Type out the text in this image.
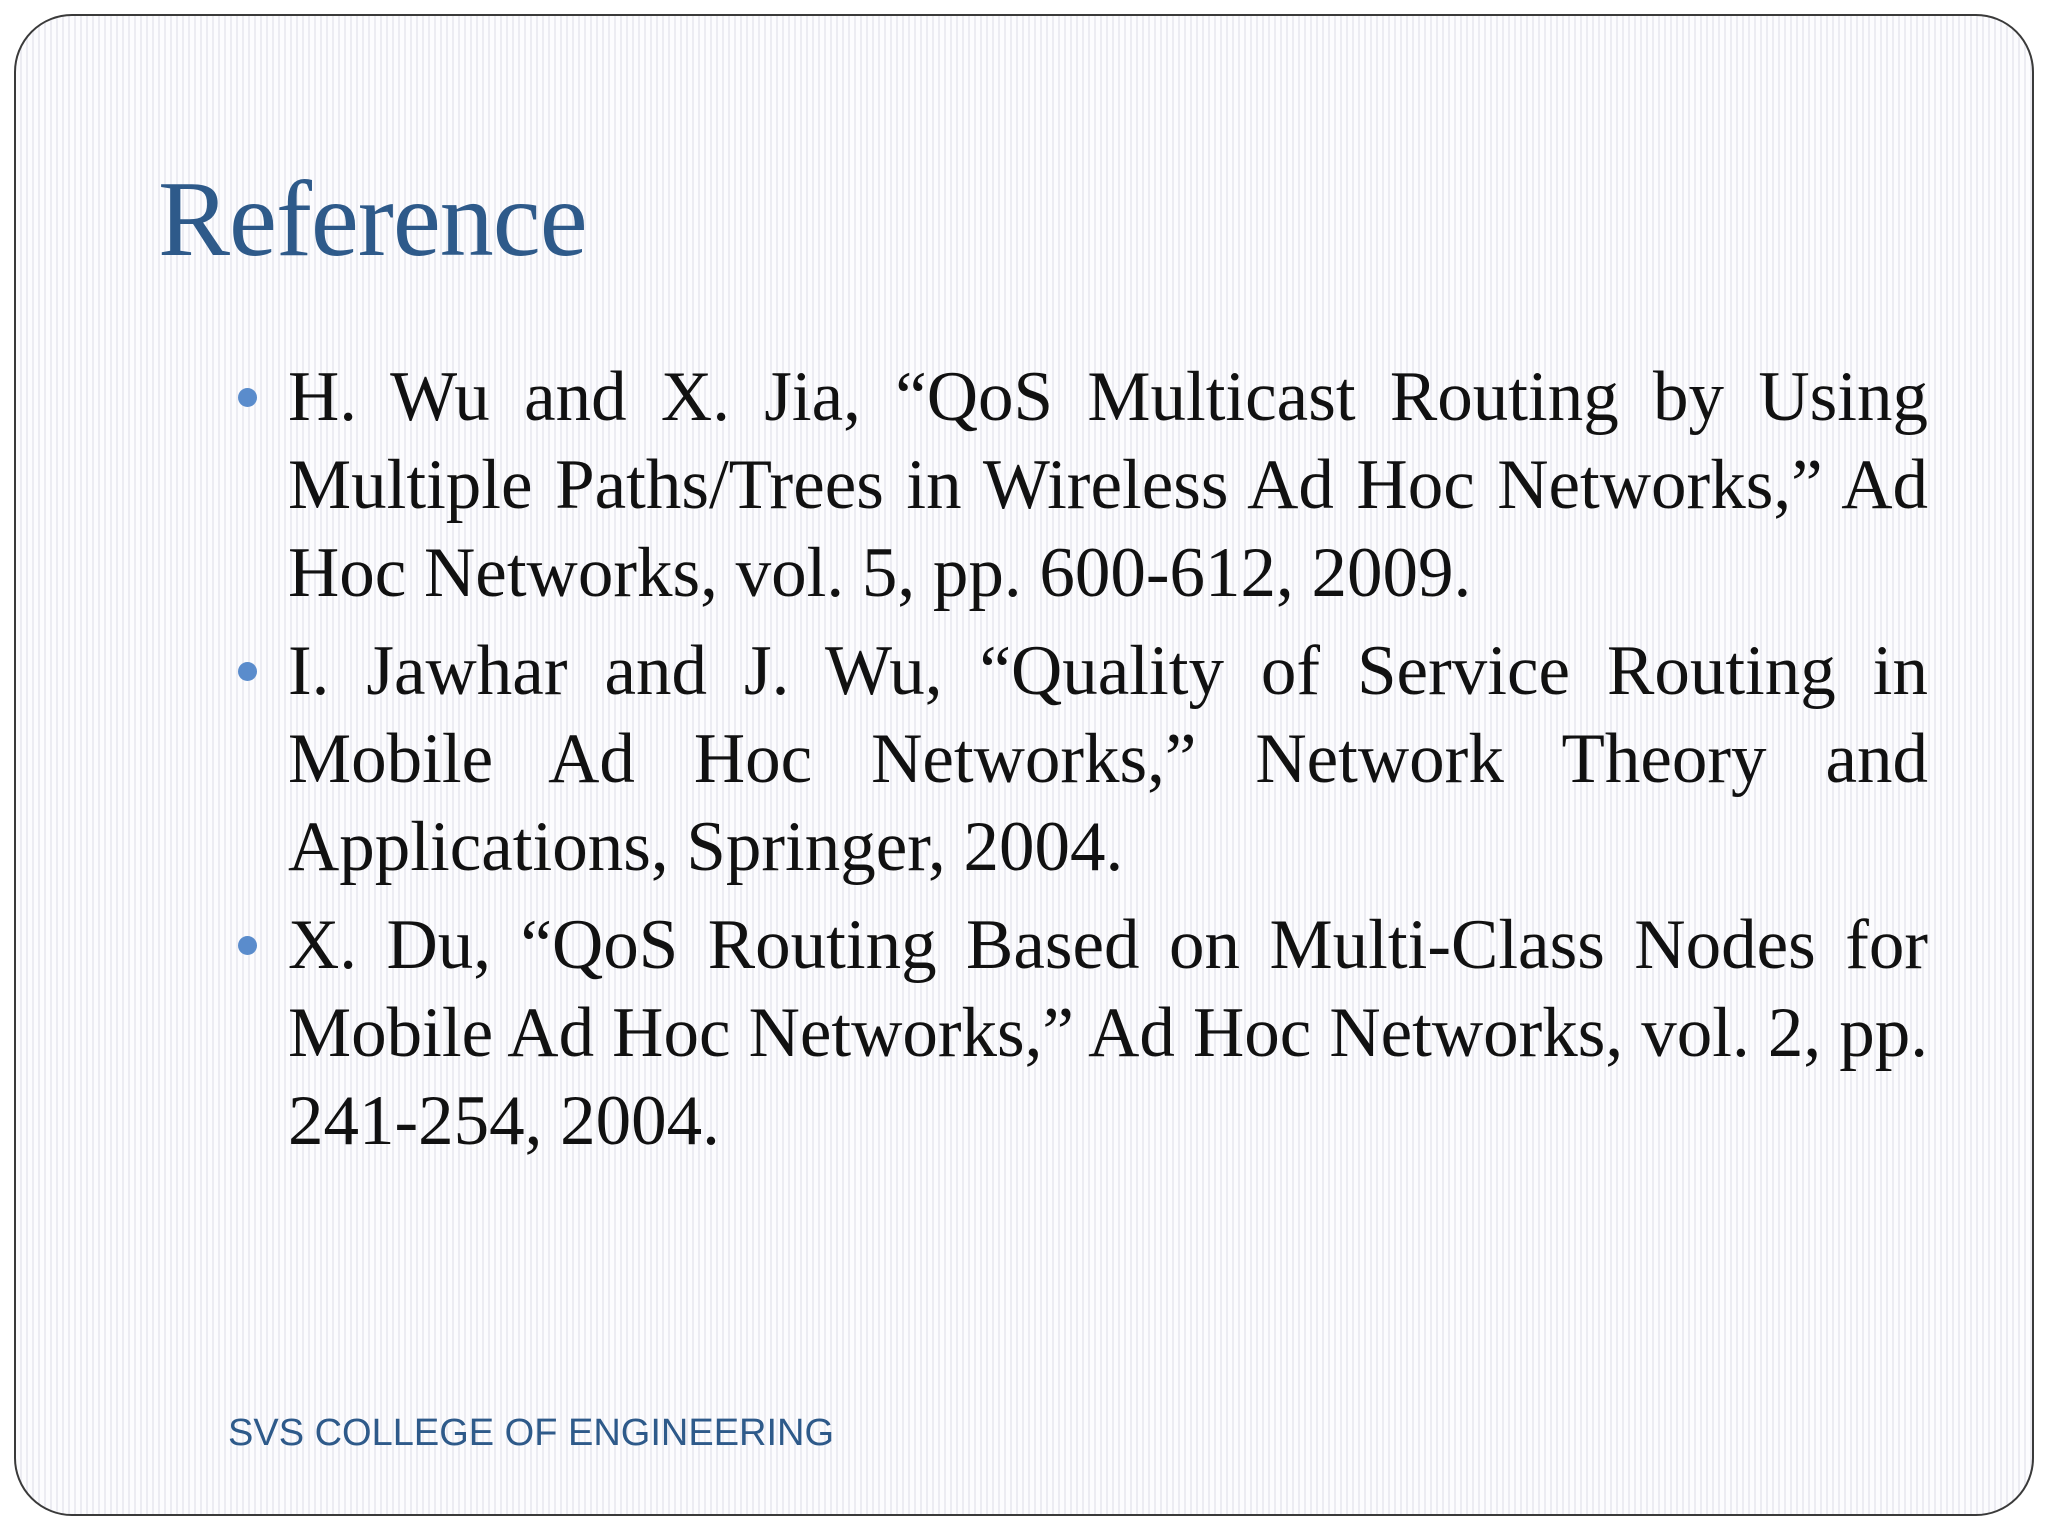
Reference
H. Wu and X. Jia, “QoS Multicast Routing by Using Multiple Paths/Trees in Wireless Ad Hoc Networks,” Ad Hoc Networks, vol. 5, pp. 600-612, 2009.
I. Jawhar and J. Wu, “Quality of Service Routing in Mobile Ad Hoc Networks,” Network Theory and Applications, Springer, 2004.
X. Du, “QoS Routing Based on Multi-Class Nodes for Mobile Ad Hoc Networks,” Ad Hoc Networks, vol. 2, pp. 241-254, 2004.

SVS COLLEGE OF ENGINEERING
